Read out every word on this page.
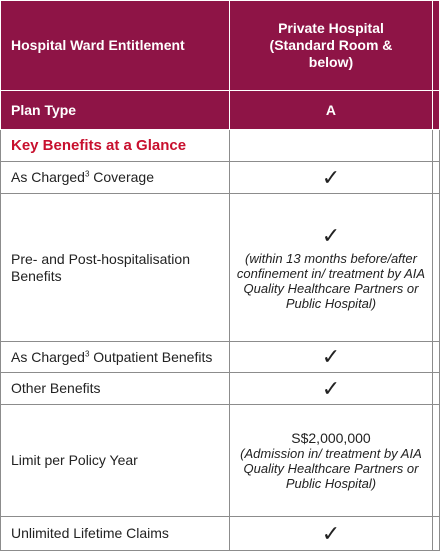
Hospital Ward Entitlement	Private Hospital (Standard Room & below)	
Plan Type	A	
Key Benefits at a Glance		
As Charged$^3$ Coverage	✓	

Pre- and Post-hospitalisation Benefits	✓
(within 13 months before/after confinement in/ treatment by AIA Quality Healthcare Partners or Public Hospital)	

As Charged$^3$ Outpatient Benefits	✓	

Other Benefits	✓	

Limit per Policy Year	S$2,000,000
(Admission in/ treatment by AIA Quality Healthcare Partners or Public Hospital)	

Unlimited Lifetime Claims	✓	
